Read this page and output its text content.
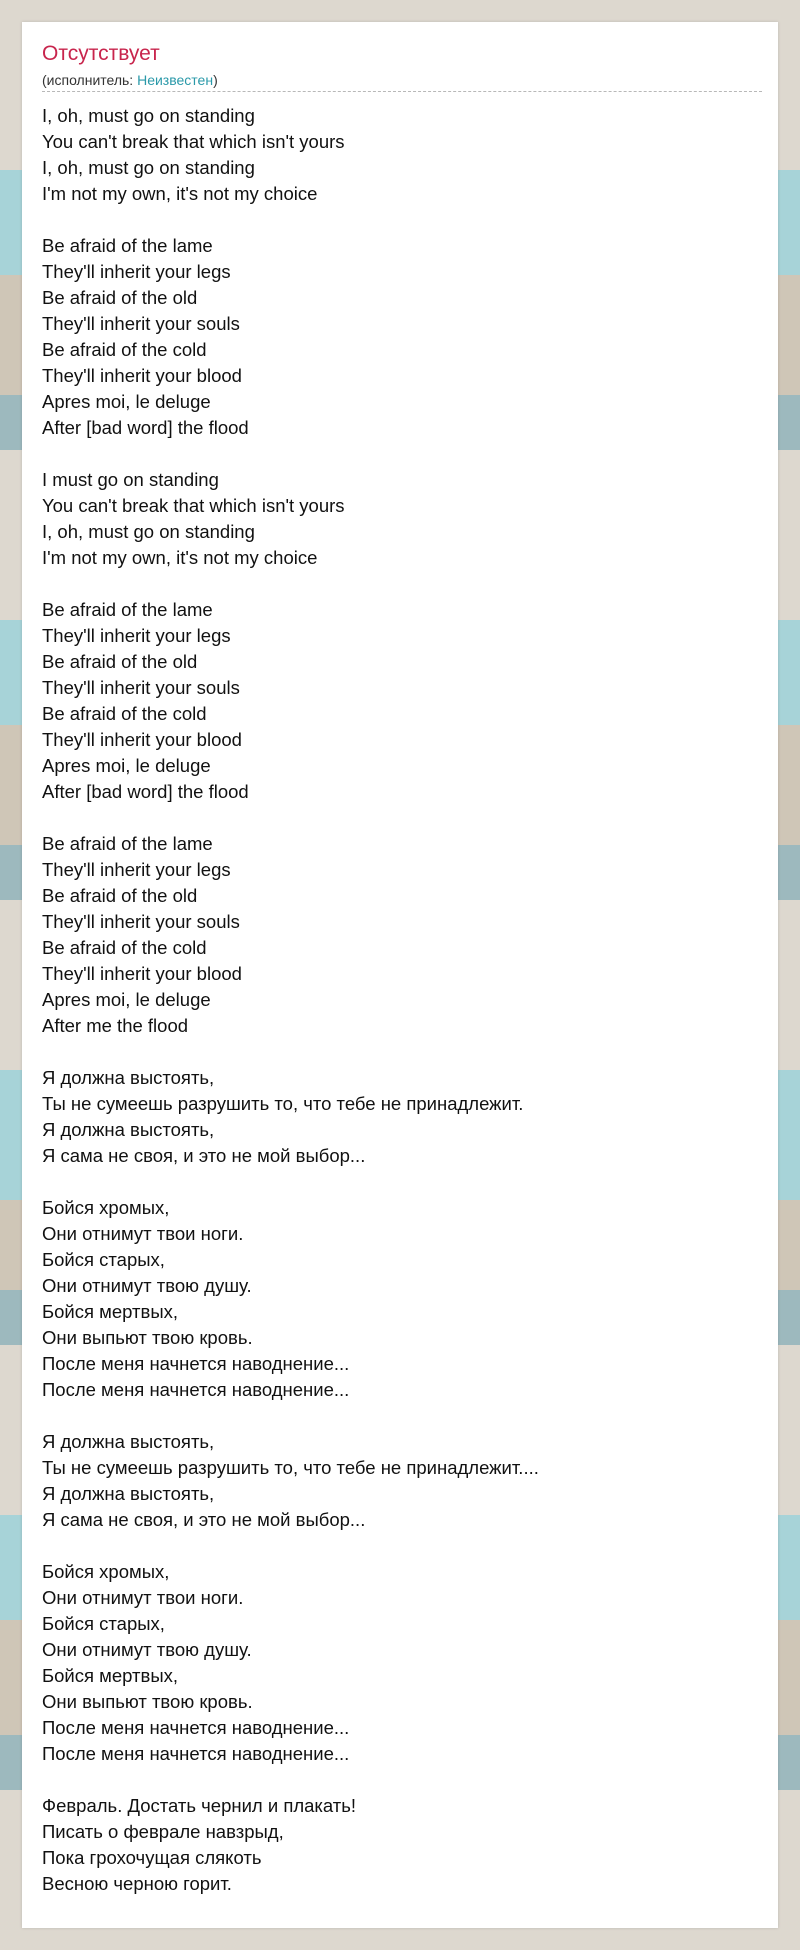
Отсутствует
(исполнитель: Неизвестен)
I, oh, must go on standing
You can't break that which isn't yours
I, oh, must go on standing
I'm not my own, it's not my choice
Be afraid of the lame
They'll inherit your legs
Be afraid of the old
They'll inherit your souls
Be afraid of the cold
They'll inherit your blood
Apres moi, le deluge
After [bad word] the flood
I must go on standing
You can't break that which isn't yours
I, oh, must go on standing
I'm not my own, it's not my choice
Be afraid of the lame
They'll inherit your legs
Be afraid of the old
They'll inherit your souls
Be afraid of the cold
They'll inherit your blood
Apres moi, le deluge
After [bad word] the flood
Be afraid of the lame
They'll inherit your legs
Be afraid of the old
They'll inherit your souls
Be afraid of the cold
They'll inherit your blood
Apres moi, le deluge
After me the flood
Я должна выстоять,
Ты не сумеешь разрушить то, что тебе не принадлежит.
Я должна выстоять,
Я сама не своя, и это не мой выбор...
Бойся хромых,
Они отнимут твои ноги.
Бойся старых,
Они отнимут твою душу.
Бойся мертвых,
Они выпьют твою кровь.
После меня начнется наводнение...
После меня начнется наводнение...
Я должна выстоять,
Ты не сумеешь разрушить то, что тебе не принадлежит....
Я должна выстоять,
Я сама не своя, и это не мой выбор...
Бойся хромых,
Они отнимут твои ноги.
Бойся старых,
Они отнимут твою душу.
Бойся мертвых,
Они выпьют твою кровь.
После меня начнется наводнение...
После меня начнется наводнение...
Февраль. Достать чернил и плакать!
Писать о феврале навзрыд,
Пока грохочущая слякоть
Весною черною горит.
